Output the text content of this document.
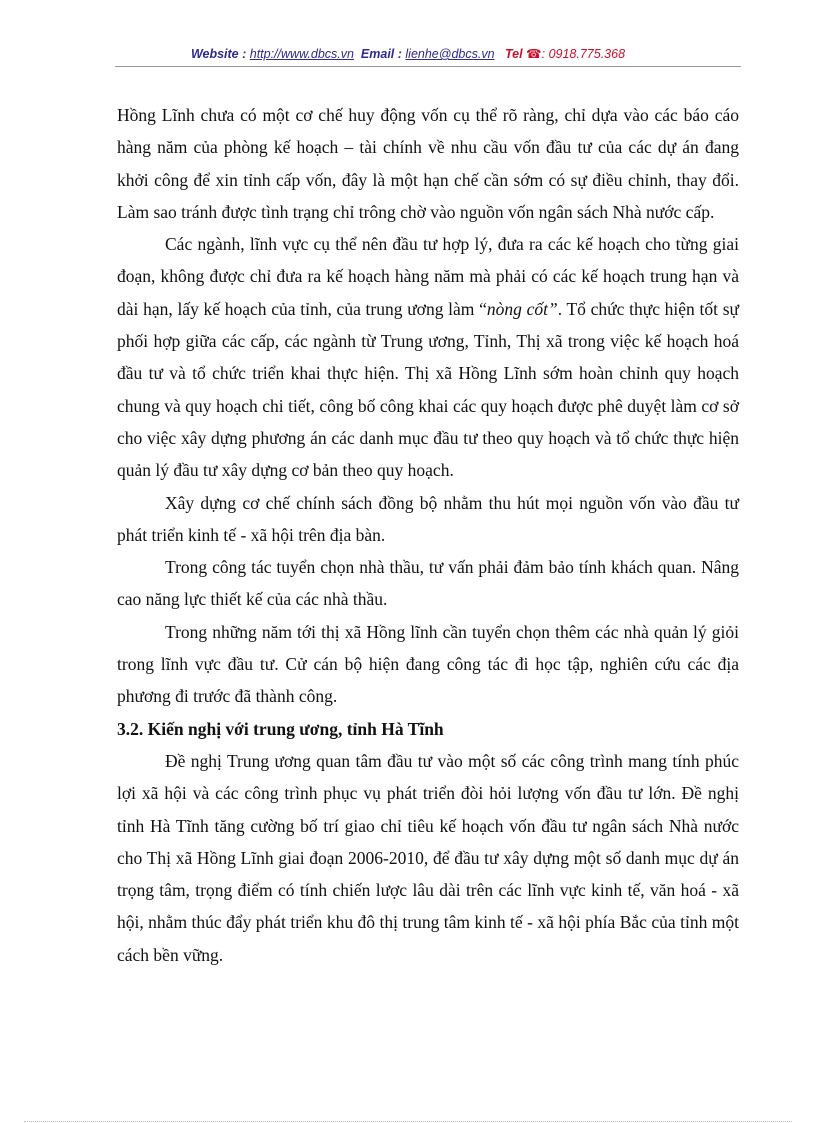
Website : http://www.dbcs.vn Email : lienhe@dbcs.vn Tel ☎: 0918.775.368

Hồng Lĩnh chưa có một cơ chế huy động vốn cụ thể rõ ràng, chỉ dựa vào các báo cáo hàng năm của phòng kế hoạch – tài chính về nhu cầu vốn đầu tư của các dự án đang khởi công để xin tỉnh cấp vốn, đây là một hạn chế cần sớm có sự điều chỉnh, thay đổi. Làm sao tránh được tình trạng chỉ trông chờ vào nguồn vốn ngân sách Nhà nước cấp.

Các ngành, lĩnh vực cụ thể nên đầu tư hợp lý, đưa ra các kế hoạch cho từng giai đoạn, không được chỉ đưa ra kế hoạch hàng năm mà phải có các kế hoạch trung hạn và dài hạn, lấy kế hoạch của tỉnh, của trung ương làm “nòng cốt”. Tổ chức thực hiện tốt sự phối hợp giữa các cấp, các ngành từ Trung ương, Tỉnh, Thị xã trong việc kế hoạch hoá đầu tư và tổ chức triển khai thực hiện. Thị xã Hồng Lĩnh sớm hoàn chỉnh quy hoạch chung và quy hoạch chi tiết, công bố công khai các quy hoạch được phê duyệt làm cơ sở cho việc xây dựng phương án các danh mục đầu tư theo quy hoạch và tổ chức thực hiện quản lý đầu tư xây dựng cơ bản theo quy hoạch.

Xây dựng cơ chế chính sách đồng bộ nhằm thu hút mọi nguồn vốn vào đầu tư phát triển kinh tế - xã hội trên địa bàn.

Trong công tác tuyển chọn nhà thầu, tư vấn phải đảm bảo tính khách quan. Nâng cao năng lực thiết kế của các nhà thầu.

Trong những năm tới thị xã Hồng lĩnh cần tuyển chọn thêm các nhà quản lý giỏi trong lĩnh vực đầu tư. Cử cán bộ hiện đang công tác đi học tập, nghiên cứu các địa phương đi trước đã thành công.

3.2. Kiến nghị với trung ương, tỉnh Hà Tĩnh

Đề nghị Trung ương quan tâm đầu tư vào một số các công trình mang tính phúc lợi xã hội và các công trình phục vụ phát triển đòi hỏi lượng vốn đầu tư lớn. Đề nghị tỉnh Hà Tĩnh tăng cường bố trí giao chỉ tiêu kế hoạch vốn đầu tư ngân sách Nhà nước cho Thị xã Hồng Lĩnh giai đoạn 2006-2010, để đầu tư xây dựng một số danh mục dự án trọng tâm, trọng điểm có tính chiến lược lâu dài trên các lĩnh vực kinh tế, văn hoá - xã hội, nhằm thúc đẩy phát triển khu đô thị trung tâm kinh tế - xã hội phía Bắc của tỉnh một cách bền vững.
